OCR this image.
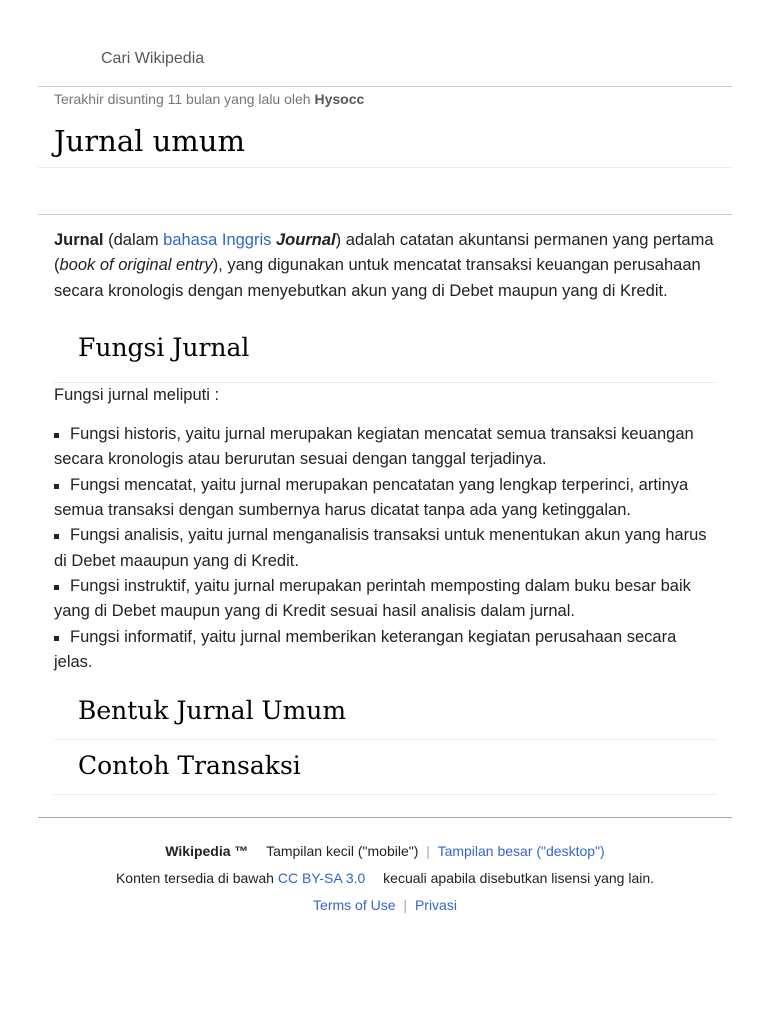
Cari Wikipedia
Terakhir disunting 11 bulan yang lalu oleh Hysocc
Jurnal umum

Jurnal (dalam bahasa Inggris Journal) adalah catatan akuntansi permanen yang pertama (book of original entry), yang digunakan untuk mencatat transaksi keuangan perusahaan secara kronologis dengan menyebutkan akun yang di Debet maupun yang di Kredit.

Fungsi Jurnal

Fungsi jurnal meliputi :

Fungsi historis, yaitu jurnal merupakan kegiatan mencatat semua transaksi keuangan secara kronologis atau berurutan sesuai dengan tanggal terjadinya.
Fungsi mencatat, yaitu jurnal merupakan pencatatan yang lengkap terperinci, artinya semua transaksi dengan sumbernya harus dicatat tanpa ada yang ketinggalan.
Fungsi analisis, yaitu jurnal menganalisis transaksi untuk menentukan akun yang harus di Debet maaupun yang di Kredit.
Fungsi instruktif, yaitu jurnal merupakan perintah memposting dalam buku besar baik yang di Debet maupun yang di Kredit sesuai hasil analisis dalam jurnal.
Fungsi informatif, yaitu jurnal memberikan keterangan kegiatan perusahaan secara jelas.
Bentuk Jurnal Umum
Contoh Transaksi
Wikipedia ™ Tampilan kecil ("mobile") | Tampilan besar ("desktop")
Konten tersedia di bawah CC BY-SA 3.0 kecuali apabila disebutkan lisensi yang lain.
Terms of Use | Privasi
